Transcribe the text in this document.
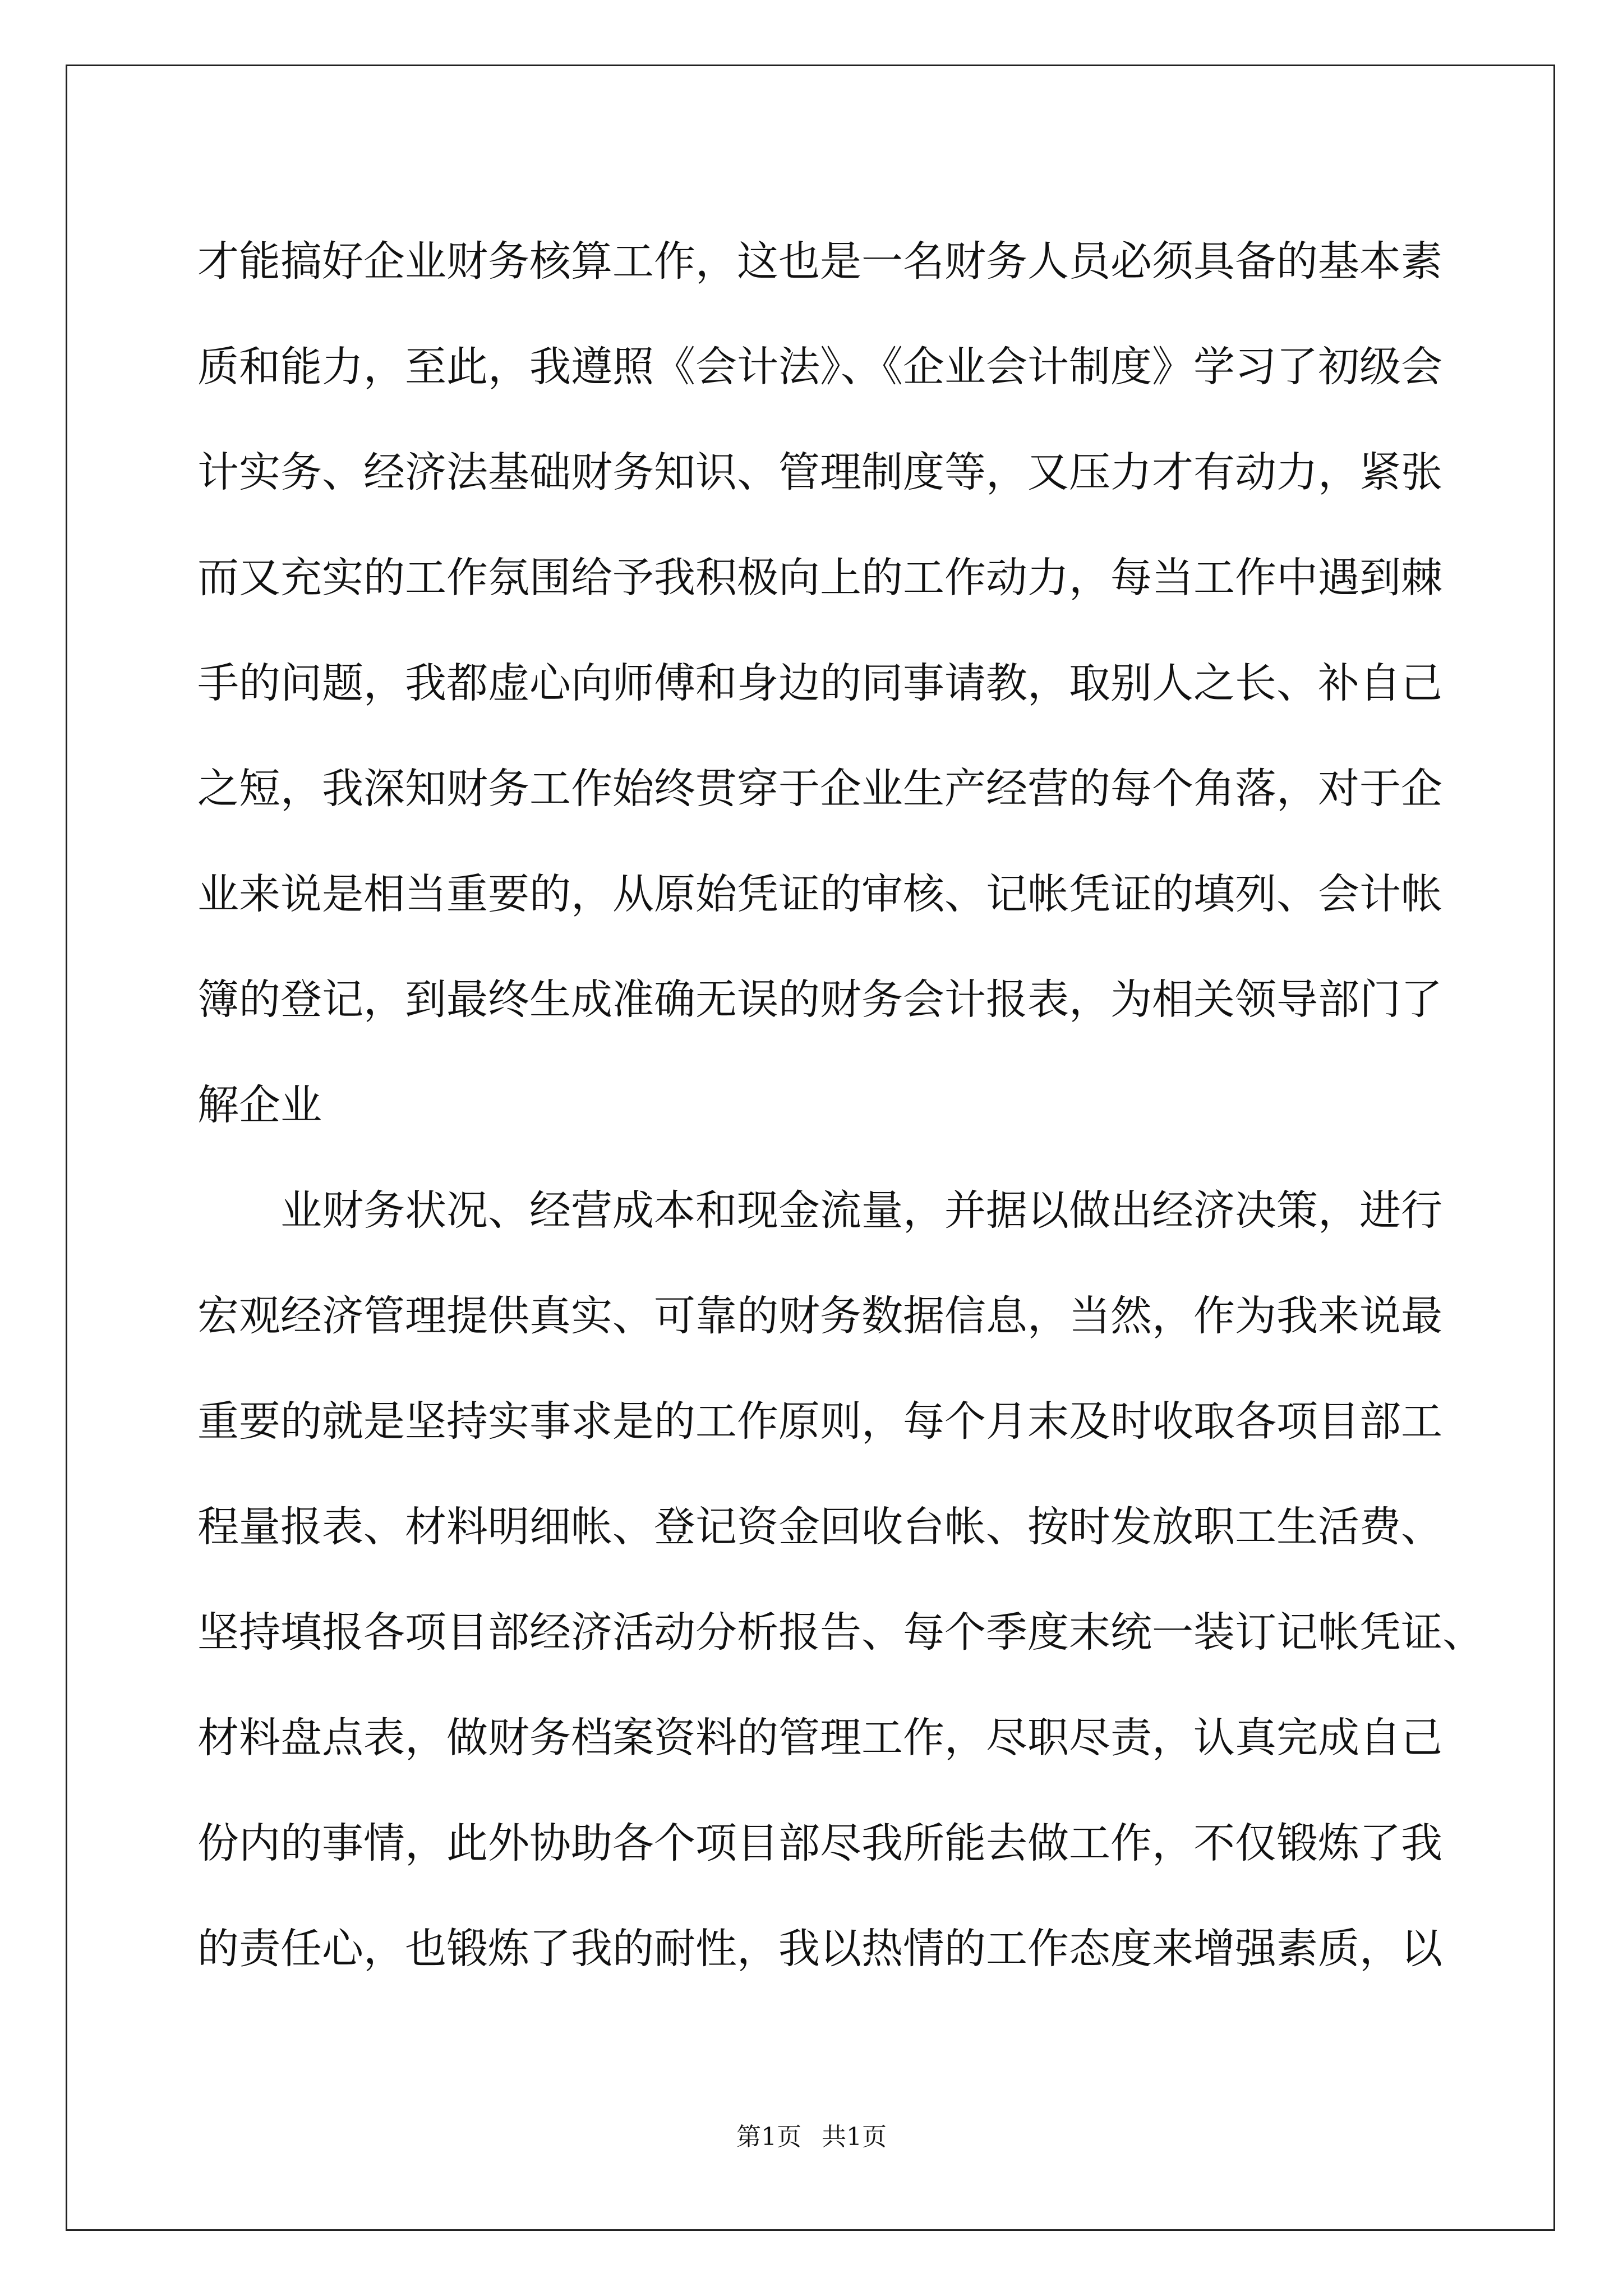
才能搞好企业财务核算工作，这也是一名财务人员必须具备的基本素
质和能力，至此，我遵照《会计法》、《企业会计制度》学习了初级会
计实务、经济法基础财务知识、管理制度等，又压力才有动力，紧张
而又充实的工作氛围给予我积极向上的工作动力，每当工作中遇到棘
手的问题，我都虚心向师傅和身边的同事请教，取别人之长、补自己
之短，我深知财务工作始终贯穿于企业生产经营的每个角落，对于企
业来说是相当重要的，从原始凭证的审核、记帐凭证的填列、会计帐
簿的登记，到最终生成准确无误的财务会计报表，为相关领导部门了
解企业
业财务状况、经营成本和现金流量，并据以做出经济决策，进行
宏观经济管理提供真实、可靠的财务数据信息，当然，作为我来说最
重要的就是坚持实事求是的工作原则，每个月末及时收取各项目部工
程量报表、材料明细帐、登记资金回收台帐、按时发放职工生活费、
坚持填报各项目部经济活动分析报告、每个季度末统一装订记帐凭证、
材料盘点表，做财务档案资料的管理工作，尽职尽责，认真完成自己
份内的事情，此外协助各个项目部尽我所能去做工作，不仅锻炼了我
的责任心，也锻炼了我的耐性，我以热情的工作态度来增强素质，以
第1页 共1页
